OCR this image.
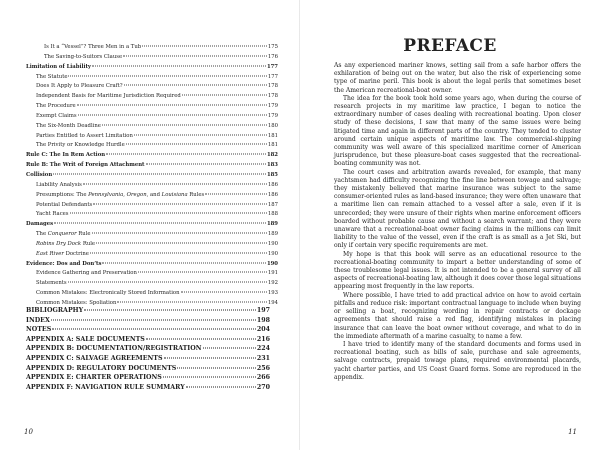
Is It a “Vessel”? Three Men in a Tub	175
The Saving-to-Suitors Clause	176
Limitation of Liability	177
The Statute	177
Does It Apply to Pleasure Craft?	178
Independent Basis for Maritime Jurisdiction Required	178
The Procedure	179
Exempt Claims	179
The Six-Month Deadline	180
Parties Entitled to Assert Limitation	181
The Privity or Knowledge Hurdle	181
Rule C: The In Rem Action	182
Rule B: The Writ of Foreign Attachment	183
Collision	185
Liability Analysis	186
Presumptions: The Pennsylvania, Oregon, and Louisiana Rules	186
Potential Defendants	187
Yacht Races	188
Damages	189
The Conqueror Rule	189
Robins Dry Dock Rule	190
East River Doctrine	190
Evidence: Dos and Don’ts	190
Evidence Gathering and Preservation	191
Statements	192
Common Mistakes: Electronically Stored Information	193
Common Mistakes: Spoliation	194
BIBLIOGRAPHY	197
INDEX	198
NOTES	204
APPENDIX A: SALE DOCUMENTS	216
APPENDIX B: DOCUMENTATION/REGISTRATION	224
APPENDIX C: SALVAGE AGREEMENTS	231
APPENDIX D: REGULATORY DOCUMENTS	256
APPENDIX E: CHARTER OPERATIONS	266
APPENDIX F: NAVIGATION RULE SUMMARY	270
10
PREFACE

As any experienced mariner knows, setting sail from a safe harbor offers the exhilaration of being out on the water, but also the risk of experiencing some type of marine peril. This book is about the legal perils that sometimes beset the American recreational-boat owner.

The idea for the book took hold some years ago, when during the course of research projects in my maritime law practice, I began to notice the extraordinary number of cases dealing with recreational boating. Upon closer study of these decisions, I saw that many of the same issues were being litigated time and again in different parts of the country. They tended to cluster around certain unique aspects of maritime law. The commercial-shipping community was well aware of this specialized maritime corner of American jurisprudence, but these pleasure-boat cases suggested that the recreational-boating community was not.

The court cases and arbitration awards revealed, for example, that many yachtsmen had difficulty recognizing the fine line between towage and salvage; they mistakenly believed that marine insurance was subject to the same consumer-oriented rules as land-based insurance; they were often unaware that a maritime lien can remain attached to a vessel after a sale, even if it is unrecorded; they were unsure of their rights when marine enforcement officers boarded without probable cause and without a search warrant; and they were unaware that a recreational-boat owner facing claims in the millions can limit liability to the value of the vessel, even if the craft is as small as a Jet Ski, but only if certain very specific requirements are met.

My hope is that this book will serve as an educational resource to the recreational-boating community to impart a better understanding of some of these troublesome legal issues. It is not intended to be a general survey of all aspects of recreational-boating law, although it does cover those legal situations appearing most frequently in the law reports.

Where possible, I have tried to add practical advice on how to avoid certain pitfalls and reduce risk: important contractual language to include when buying or selling a boat, recognizing wording in repair contracts or dockage agreements that should raise a red flag, identifying mistakes in placing insurance that can leave the boat owner without coverage, and what to do in the immediate aftermath of a marine casualty, to name a few.

I have tried to identify many of the standard documents and forms used in recreational boating, such as bills of sale, purchase and sale agreements, salvage contracts, prepaid towage plans, required environmental placards, yacht charter parties, and US Coast Guard forms. Some are reproduced in the appendix.

11
